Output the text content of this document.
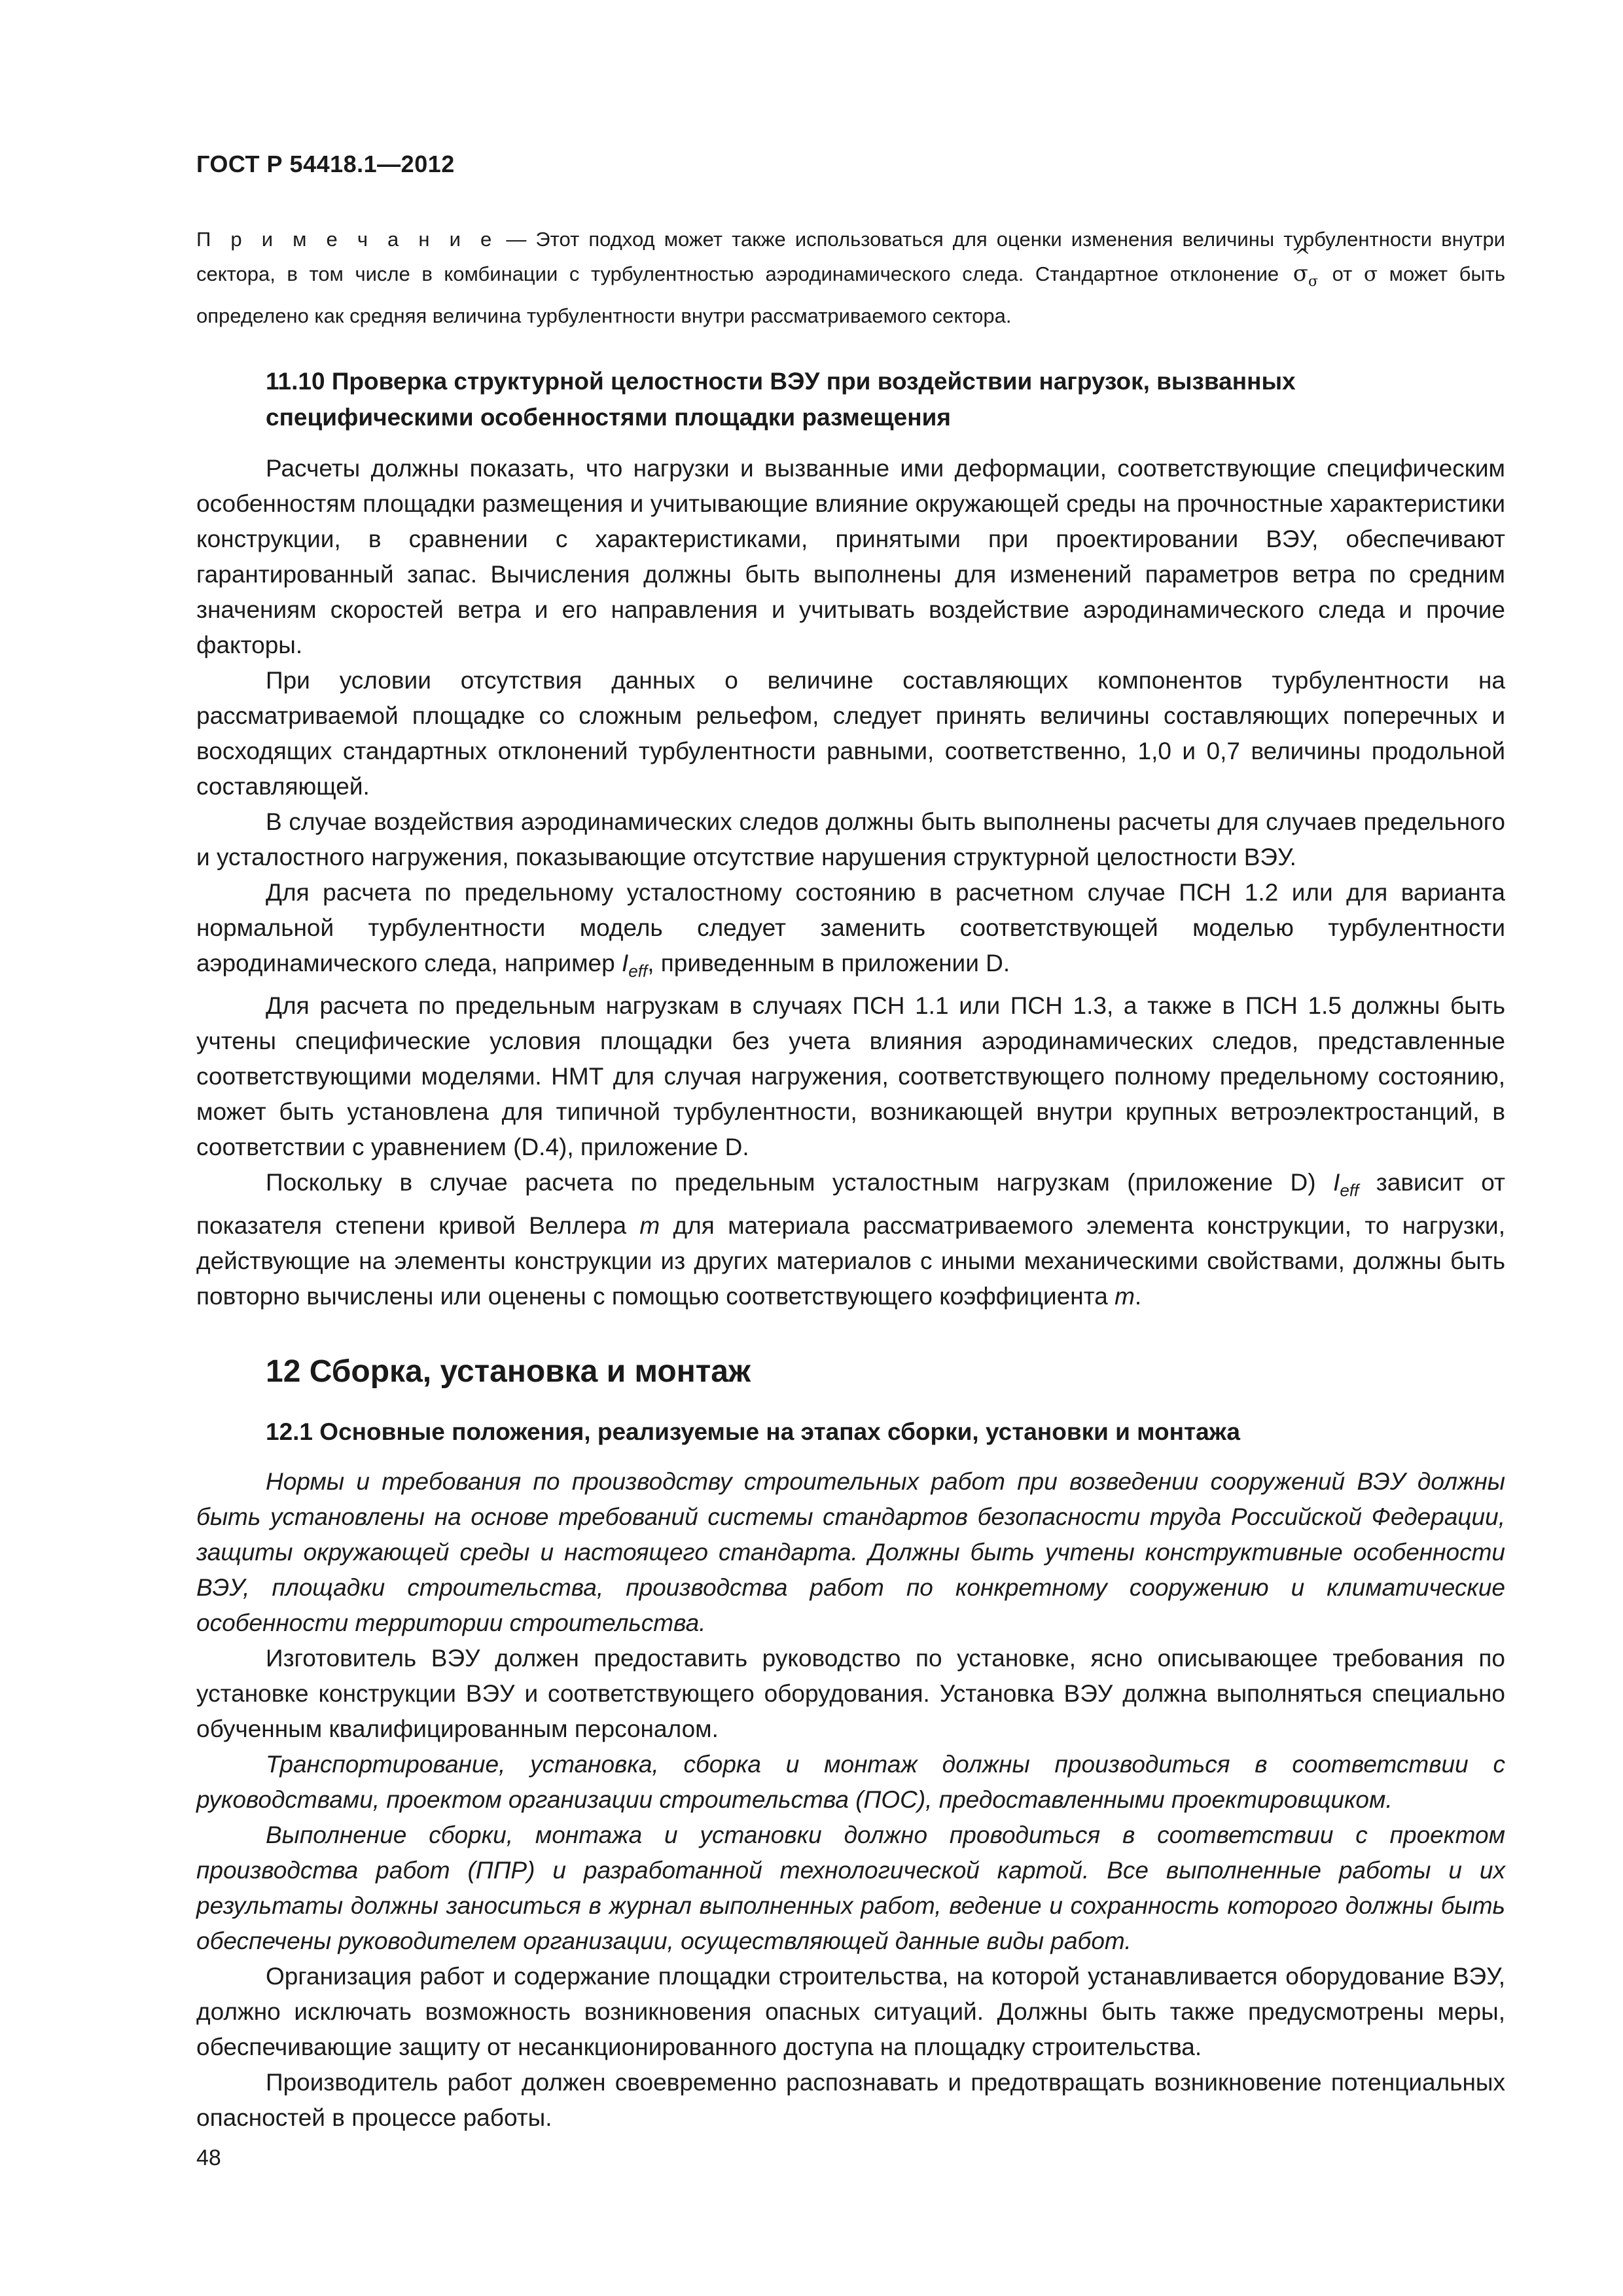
ГОСТ Р 54418.1—2012

П р и м е ч а н и е — Этот подход может также использоваться для оценки изменения величины турбулентности внутри сектора, в том числе в комбинации с турбулентностью аэродинамического следа. Стандартное отклонение
^
$\sigma_\sigma$ от σ может быть определено как средняя величина турбулентности внутри рассматриваемого сектора.

11.10 Проверка структурной целостности ВЭУ при воздействии нагрузок, вызванных специфическими особенностями площадки размещения

Расчеты должны показать, что нагрузки и вызванные ими деформации, соответствующие специфическим особенностям площадки размещения и учитывающие влияние окружающей среды на прочностные характеристики конструкции, в сравнении с характеристиками, принятыми при проектировании ВЭУ, обеспечивают гарантированный запас. Вычисления должны быть выполнены для изменений параметров ветра по средним значениям скоростей ветра и его направления и учитывать воздействие аэродинамического следа и прочие факторы.

При условии отсутствия данных о величине составляющих компонентов турбулентности на рассматриваемой площадке со сложным рельефом, следует принять величины составляющих поперечных и восходящих стандартных отклонений турбулентности равными, соответственно, 1,0 и 0,7 величины продольной составляющей.

В случае воздействия аэродинамических следов должны быть выполнены расчеты для случаев предельного и усталостного нагружения, показывающие отсутствие нарушения структурной целостности ВЭУ.

Для расчета по предельному усталостному состоянию в расчетном случае ПСН 1.2 или для варианта нормальной турбулентности модель следует заменить соответствующей моделью турбулентности аэродинамического следа, например $I_{eff}$, приведенным в приложении D.

Для расчета по предельным нагрузкам в случаях ПСН 1.1 или ПСН 1.3, а также в ПСН 1.5 должны быть учтены специфические условия площадки без учета влияния аэродинамических следов, представленные соответствующими моделями. НМТ для случая нагружения, соответствующего полному предельному состоянию, может быть установлена для типичной турбулентности, возникающей внутри крупных ветроэлектростанций, в соответствии с уравнением (D.4), приложение D.

Поскольку в случае расчета по предельным усталостным нагрузкам (приложение D) $I_{eff}$ зависит от показателя степени кривой Веллера m для материала рассматриваемого элемента конструкции, то нагрузки, действующие на элементы конструкции из других материалов с иными механическими свойствами, должны быть повторно вычислены или оценены с помощью соответствующего коэффициента m.

12 Сборка, установка и монтаж
12.1 Основные положения, реализуемые на этапах сборки, установки и монтажа

Нормы и требования по производству строительных работ при возведении сооружений ВЭУ должны быть установлены на основе требований системы стандартов безопасности труда Российской Федерации, защиты окружающей среды и настоящего стандарта. Должны быть учтены конструктивные особенности ВЭУ, площадки строительства, производства работ по конкретному сооружению и климатические особенности территории строительства.

Изготовитель ВЭУ должен предоставить руководство по установке, ясно описывающее требования по установке конструкции ВЭУ и соответствующего оборудования. Установка ВЭУ должна выполняться специально обученным квалифицированным персоналом.

Транспортирование, установка, сборка и монтаж должны производиться в соответствии с руководствами, проектом организации строительства (ПОС), предоставленными проектировщиком.

Выполнение сборки, монтажа и установки должно проводиться в соответствии с проектом производства работ (ППР) и разработанной технологической картой. Все выполненные работы и их результаты должны заноситься в журнал выполненных работ, ведение и сохранность которого должны быть обеспечены руководителем организации, осуществляющей данные виды работ.

Организация работ и содержание площадки строительства, на которой устанавливается оборудование ВЭУ, должно исключать возможность возникновения опасных ситуаций. Должны быть также предусмотрены меры, обеспечивающие защиту от несанкционированного доступа на площадку строительства.

Производитель работ должен своевременно распознавать и предотвращать возникновение потенциальных опасностей в процессе работы.

48
